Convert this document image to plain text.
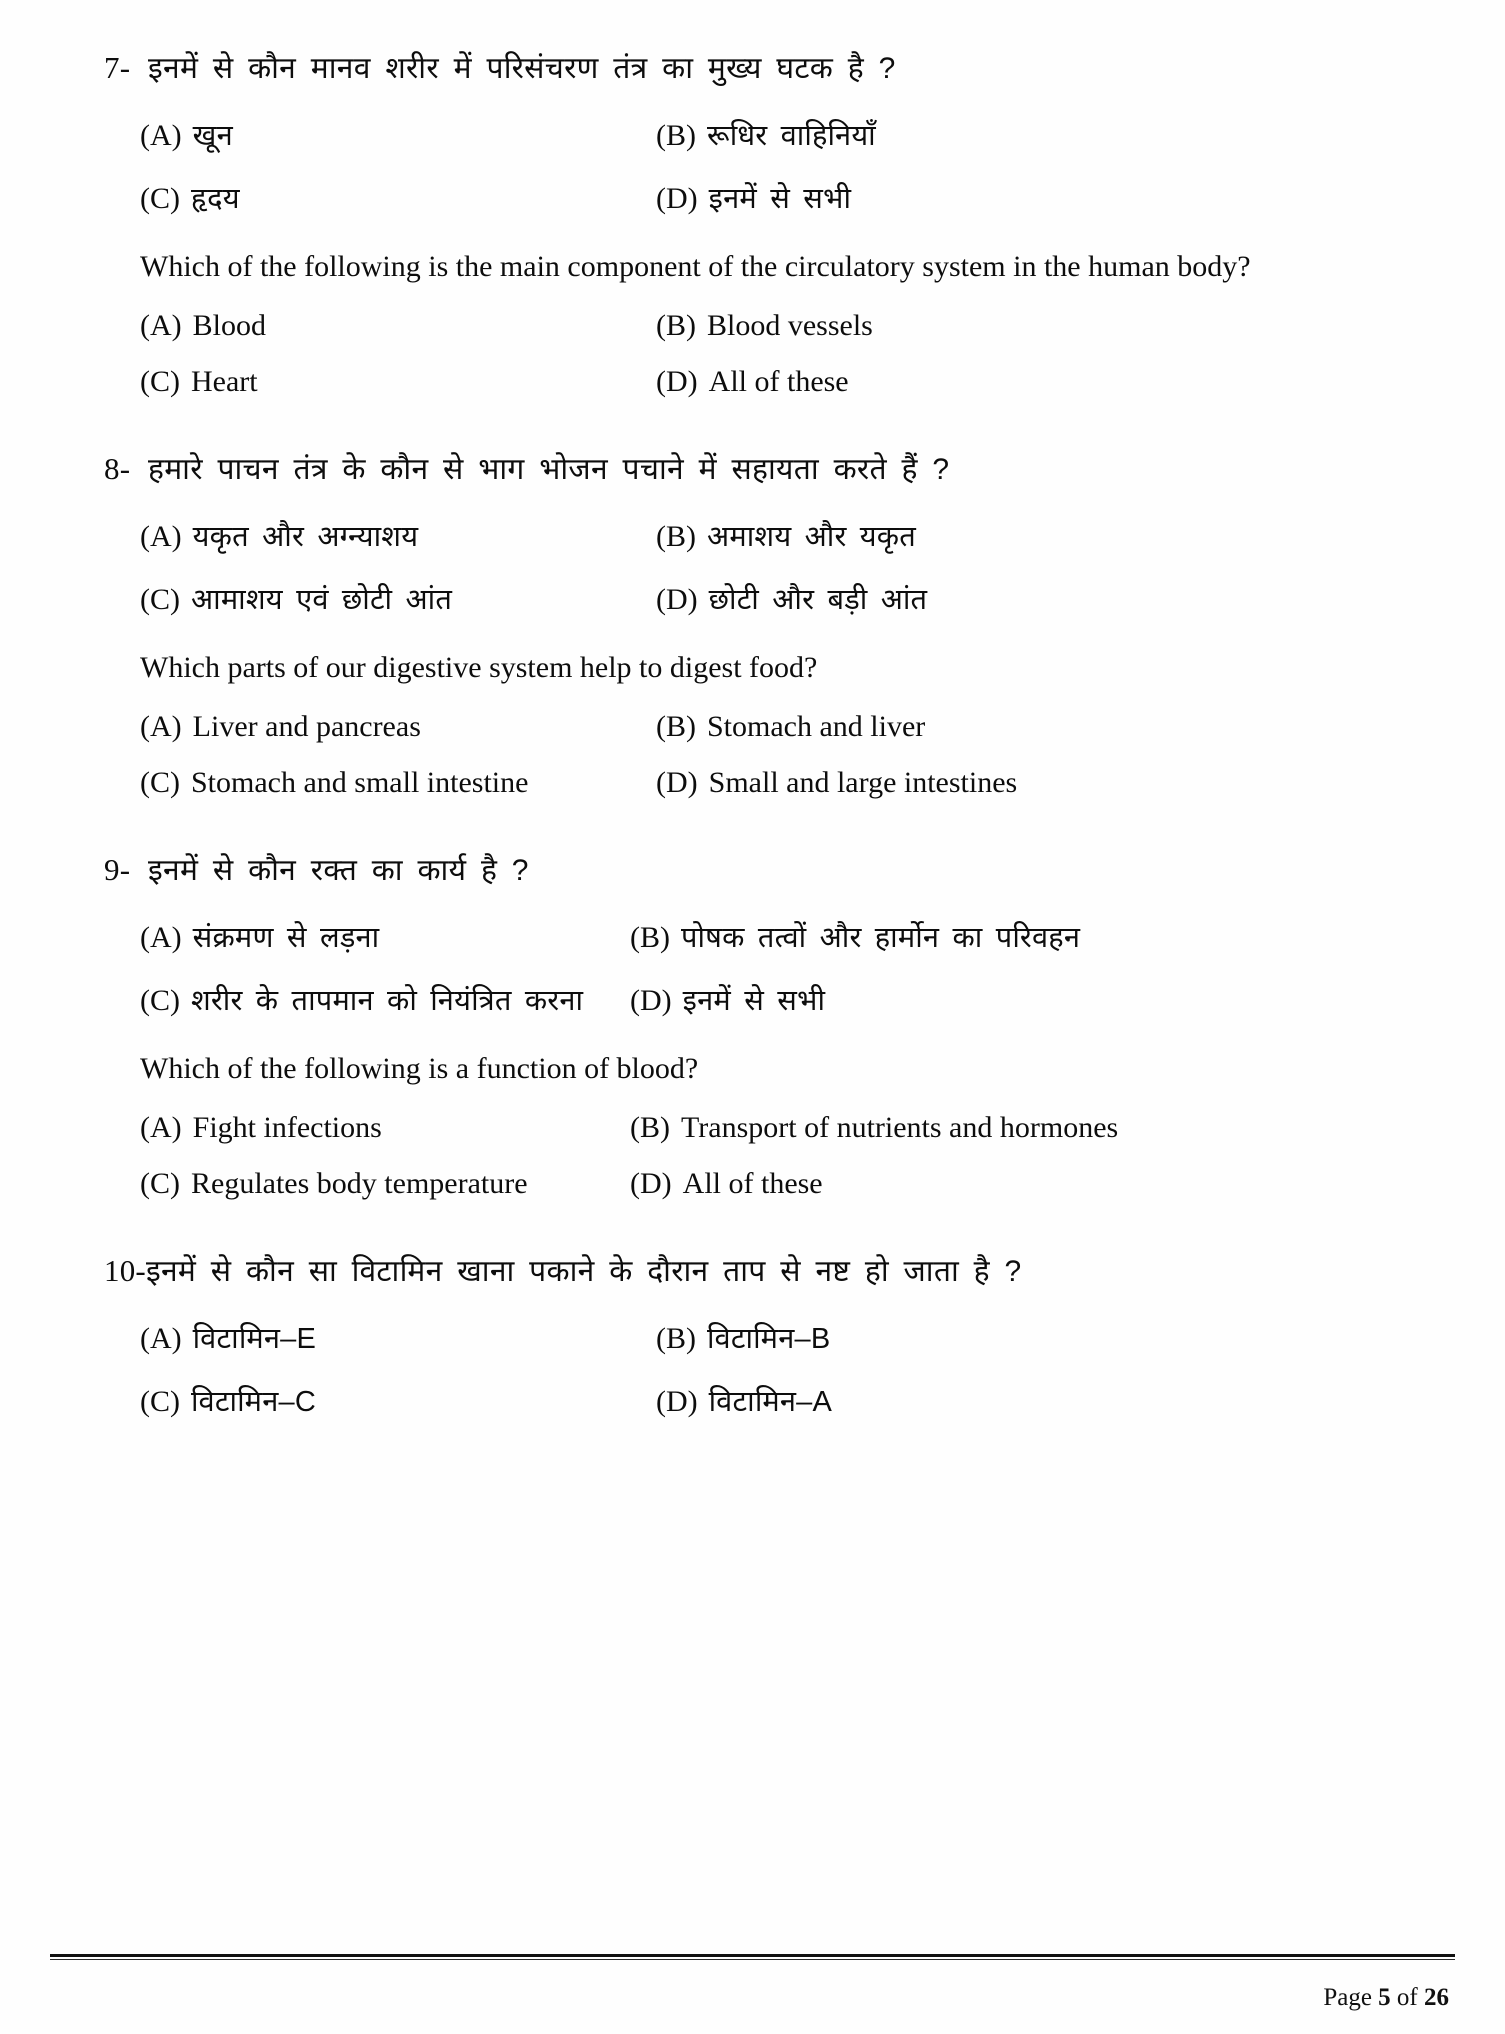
7- इनमें से कौन मानव शरीर में परिसंचरण तंत्र का मुख्य घटक है ?
(A) खून	(B) रूधिर वाहिनियाँ
(C) हृदय	(D) इनमें से सभी
Which of the following is the main component of the circulatory system in the human body?
(A) Blood	(B) Blood vessels
(C) Heart	(D) All of these
8- हमारे पाचन तंत्र के कौन से भाग भोजन पचाने में सहायता करते हैं ?
(A) यकृत और अग्न्याशय	(B) अमाशय और यकृत
(C) आमाशय एवं छोटी आंत	(D) छोटी और बड़ी आंत
Which parts of our digestive system help to digest food?
(A) Liver and pancreas	(B) Stomach and liver
(C) Stomach and small intestine	(D) Small and large intestines
9- इनमें से कौन रक्त का कार्य है ?
(A) संक्रमण से लड़ना	(B) पोषक तत्वों और हार्मोन का परिवहन
(C) शरीर के तापमान को नियंत्रित करना (D) इनमें से सभी
Which of the following is a function of blood?
(A) Fight infections	(B) Transport of nutrients and hormones
(C) Regulates body temperature	(D) All of these
10- इनमें से कौन सा विटामिन खाना पकाने के दौरान ताप से नष्ट हो जाता है ?
(A) विटामिन–E	(B) विटामिन–B
(C) विटामिन–C	(D) विटामिन–A
Page 5 of 26
